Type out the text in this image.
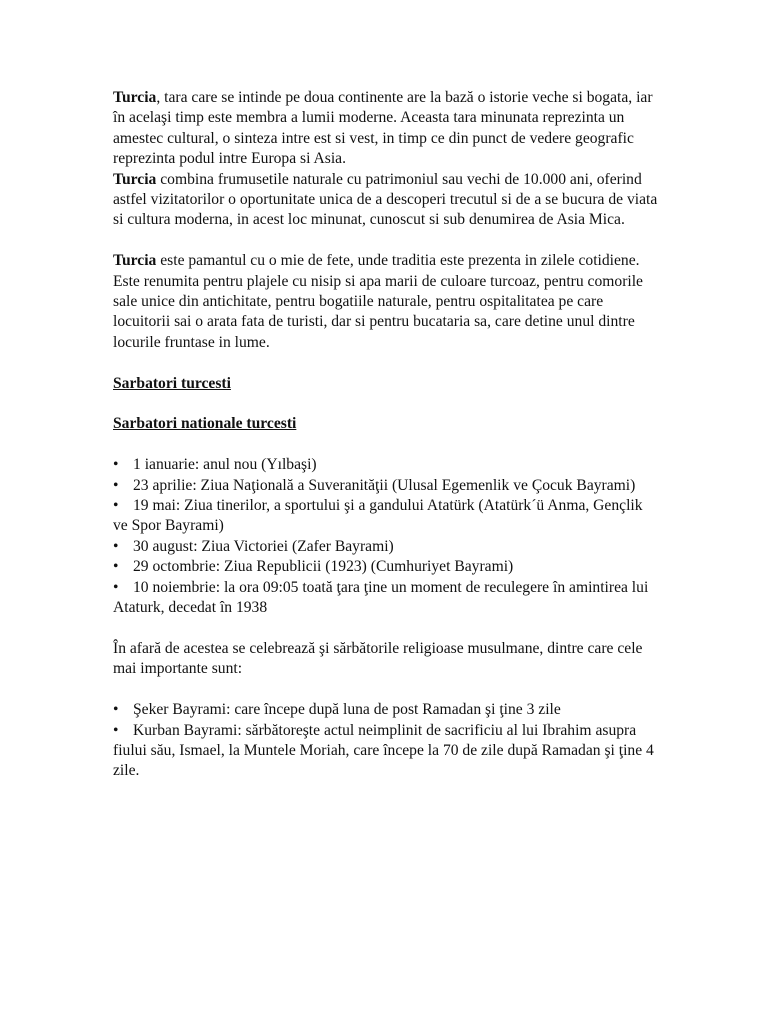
Turcia, tara care se intinde pe doua continente are la bază o istorie veche si bogata, iar în acelaşi timp este membra a lumii moderne. Aceasta tara minunata reprezinta un amestec cultural, o sinteza intre est si vest, in timp ce din punct de vedere geografic reprezinta podul intre Europa si Asia.

Turcia combina frumusetile naturale cu patrimoniul sau vechi de 10.000 ani, oferind astfel vizitatorilor o oportunitate unica de a descoperi trecutul si de a se bucura de viata si cultura moderna, in acest loc minunat, cunoscut si sub denumirea de Asia Mica.

Turcia este pamantul cu o mie de fete, unde traditia este prezenta in zilele cotidiene. Este renumita pentru plajele cu nisip si apa marii de culoare turcoaz, pentru comorile sale unice din antichitate, pentru bogatiile naturale, pentru ospitalitatea pe care locuitorii sai o arata fata de turisti, dar si pentru bucataria sa, care detine unul dintre locurile fruntase in lume.

Sarbatori turcesti

Sarbatori nationale turcesti

• 1 ianuarie: anul nou (Yılbaşi)
• 23 aprilie: Ziua Naţională a Suveranităţii (Ulusal Egemenlik ve Çocuk Bayrami)
• 19 mai: Ziua tinerilor, a sportului şi a gandului Atatürk (Atatürk´ü Anma, Gençlik ve Spor Bayrami)
• 30 august: Ziua Victoriei (Zafer Bayrami)
• 29 octombrie: Ziua Republicii (1923) (Cumhuriyet Bayrami)
• 10 noiembrie: la ora 09:05 toată ţara ţine un moment de reculegere în amintirea lui Ataturk, decedat în 1938

În afară de acestea se celebrează şi sărbătorile religioase musulmane, dintre care cele mai importante sunt:

• Şeker Bayrami: care începe după luna de post Ramadan şi ţine 3 zile
• Kurban Bayrami: sărbătoreşte actul neimplinit de sacrificiu al lui Ibrahim asupra fiului său, Ismael, la Muntele Moriah, care începe la 70 de zile după Ramadan şi ţine 4 zile.
